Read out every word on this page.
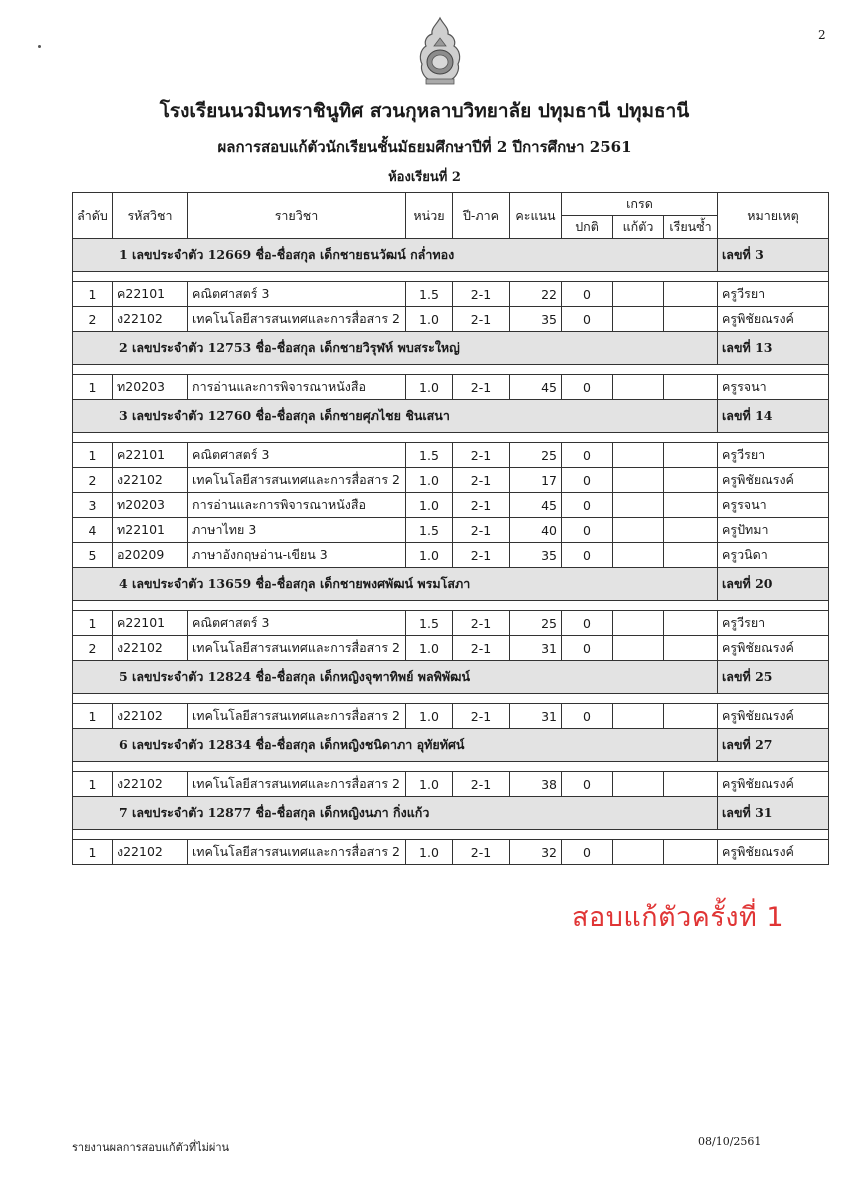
2
โรงเรียนนวมินทราชินูทิศ สวนกุหลาบวิทยาลัย ปทุมธานี ปทุมธานี
ผลการสอบแก้ตัวนักเรียนชั้นมัธยมศึกษาปีที่ 2 ปีการศึกษา 2561
ห้องเรียนที่ 2
ลำดับ	รหัสวิชา	รายวิชา	หน่วย	ปี-ภาค	คะแนน	เกรด			หมายเหตุ
						ปกติ	แก้ตัว	เรียนซ้ำ	
1 เลขประจำตัว 12669 ชื่อ-ชื่อสกุล เด็กชายธนวัฒน์ กล่ำทอง									เลขที่ 3

1	ค22101	คณิตศาสตร์ 3	1.5	2-1	22	0			ครูวีรยา
2	ง22102	เทคโนโลยีสารสนเทศและการสื่อสาร 2	1.0	2-1	35	0			ครูพิชัยณรงค์
2 เลขประจำตัว 12753 ชื่อ-ชื่อสกุล เด็กชายวิรุฬห์ พบสระใหญ่									เลขที่ 13

1	ท20203	การอ่านและการพิจารณาหนังสือ	1.0	2-1	45	0			ครูรจนา
3 เลขประจำตัว 12760 ชื่อ-ชื่อสกุล เด็กชายศุภไชย ชินเสนา									เลขที่ 14

1	ค22101	คณิตศาสตร์ 3	1.5	2-1	25	0			ครูวีรยา
2	ง22102	เทคโนโลยีสารสนเทศและการสื่อสาร 2	1.0	2-1	17	0			ครูพิชัยณรงค์
3	ท20203	การอ่านและการพิจารณาหนังสือ	1.0	2-1	45	0			ครูรจนา
4	ท22101	ภาษาไทย 3	1.5	2-1	40	0			ครูปัทมา
5	อ20209	ภาษาอังกฤษอ่าน-เขียน 3	1.0	2-1	35	0			ครูวนิดา
4 เลขประจำตัว 13659 ชื่อ-ชื่อสกุล เด็กชายพงศพัฒน์ พรมโสภา									เลขที่ 20

1	ค22101	คณิตศาสตร์ 3	1.5	2-1	25	0			ครูวีรยา
2	ง22102	เทคโนโลยีสารสนเทศและการสื่อสาร 2	1.0	2-1	31	0			ครูพิชัยณรงค์
5 เลขประจำตัว 12824 ชื่อ-ชื่อสกุล เด็กหญิงจุฑาทิพย์ พลพิพัฒน์									เลขที่ 25

1	ง22102	เทคโนโลยีสารสนเทศและการสื่อสาร 2	1.0	2-1	31	0			ครูพิชัยณรงค์
6 เลขประจำตัว 12834 ชื่อ-ชื่อสกุล เด็กหญิงชนิดาภา อุทัยทัศน์									เลขที่ 27

1	ง22102	เทคโนโลยีสารสนเทศและการสื่อสาร 2	1.0	2-1	38	0			ครูพิชัยณรงค์
7 เลขประจำตัว 12877 ชื่อ-ชื่อสกุล เด็กหญิงนภา กิ่งแก้ว									เลขที่ 31

1	ง22102	เทคโนโลยีสารสนเทศและการสื่อสาร 2	1.0	2-1	32	0			ครูพิชัยณรงค์
สอบแก้ตัวครั้งที่ 1
รายงานผลการสอบแก้ตัวที่ไม่ผ่าน	08/10/2561
